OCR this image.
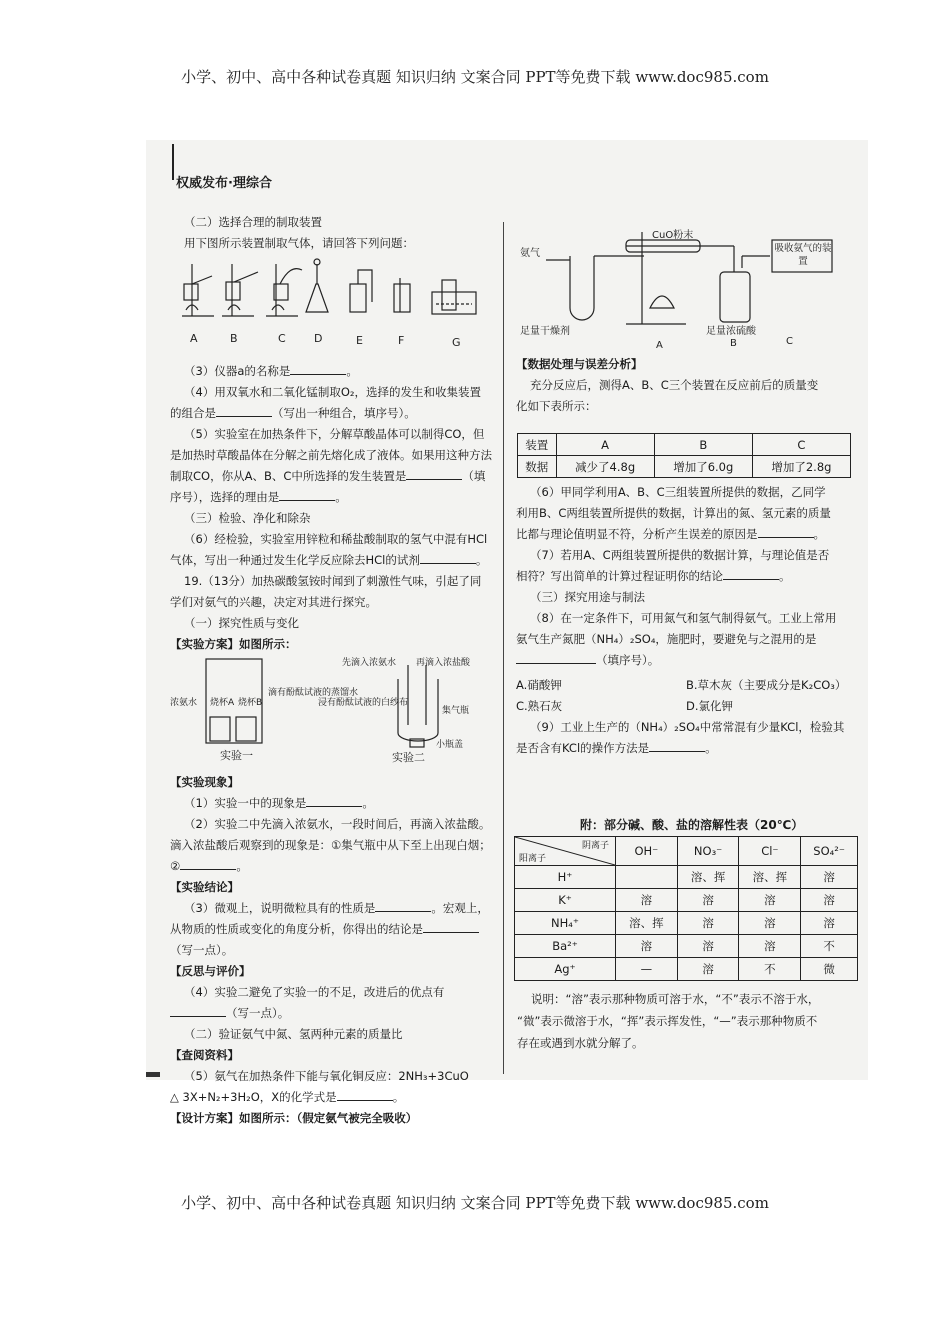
小学、初中、高中各种试卷真题 知识归纳 文案合同 PPT等免费下载 www.doc985.com
权威发布·理综合

（二）选择合理的制取装置

用下图所示装置制取气体，请回答下列问题：

A	B	C	D	E	F	G

（3）仪器a的名称是	。

（4）用双氧水和二氧化锰制取O₂，选择的发生和收集装置

的组合是	（写出一种组合，填序号）。

（5）实验室在加热条件下，分解草酸晶体可以制得CO，但

是加热时草酸晶体在分解之前先熔化成了液体。如果用这种方法

制取CO，你从A、B、C中所选择的发生装置是	（填

序号），选择的理由是	。

（三）检验、净化和除杂

（6）经检验，实验室用锌粒和稀盐酸制取的氢气中混有HCl

气体，写出一种通过发生化学反应除去HCl的试剂	。

19.（13分）加热碳酸氢铵时闻到了刺激性气味，引起了同

学们对氨气的兴趣，决定对其进行探究。

（一）探究性质与变化

【实验方案】如图所示：

浓氨水 烧杯A 烧杯B
滴有酚酞试液的蒸馏水
实验一
先滴入浓氨水 再滴入浓盐酸
浸有酚酞试液的白纱布
集气瓶
小瓶盖
实验二

【实验现象】

（1）实验一中的现象是	。

（2）实验二中先滴入浓氨水，一段时间后，再滴入浓盐酸。

滴入浓盐酸后观察到的现象是：①集气瓶中从下至上出现白烟；

②	。

【实验结论】

（3）微观上，说明微粒具有的性质是	。宏观上，

从物质的性质或变化的角度分析，你得出的结论是

（写一点）。

【反思与评价】

（4）实验二避免了实验一的不足，改进后的优点有

（写一点）。

（二）验证氨气中氮、氢两种元素的质量比

【查阅资料】

（5）氨气在加热条件下能与氧化铜反应：2NH₃+3CuO

△ 3X+N₂+3H₂O，X的化学式是	。

【设计方案】如图所示：（假定氨气被完全吸收）

氨气
CuO粉末
足量干燥剂	足量浓硫酸
A	B	C
吸收氨气的装置

【数据处理与误差分析】

充分反应后，测得A、B、C三个装置在反应前后的质量变

化如下表所示：

装置	A	B	C
数据	减少了4.8g	增加了6.0g	增加了2.8g

（6）甲同学利用A、B、C三组装置所提供的数据，乙同学

利用B、C两组装置所提供的数据，计算出的氮、氢元素的质量

比都与理论值明显不符，分析产生误差的原因是	。

（7）若用A、C两组装置所提供的数据计算，与理论值是否

相符？写出简单的计算过程证明你的结论	。

（三）探究用途与制法

（8）在一定条件下，可用氮气和氢气制得氨气。工业上常用

氨气生产氮肥（NH₄）₂SO₄，施肥时，要避免与之混用的是

（填序号）。

A.硝酸钾	B.草木灰（主要成分是K₂CO₃）

C.熟石灰	D.氯化钾

（9）工业上生产的（NH₄）₂SO₄中常常混有少量KCl，检验其

是否含有KCl的操作方法是	。

附：部分碱、酸、盐的溶解性表（20℃）
阴离子
阳离子	OH⁻	NO₃⁻	Cl⁻	SO₄²⁻
H⁺		溶、挥	溶、挥	溶
K⁺	溶	溶	溶	溶
NH₄⁺	溶、挥	溶	溶	溶
Ba²⁺	溶	溶	溶	不
Ag⁺	—	溶	不	微

说明：“溶”表示那种物质可溶于水，“不”表示不溶于水，

“微”表示微溶于水，“挥”表示挥发性，“—”表示那种物质不

存在或遇到水就分解了。

小学、初中、高中各种试卷真题 知识归纳 文案合同 PPT等免费下载 www.doc985.com
